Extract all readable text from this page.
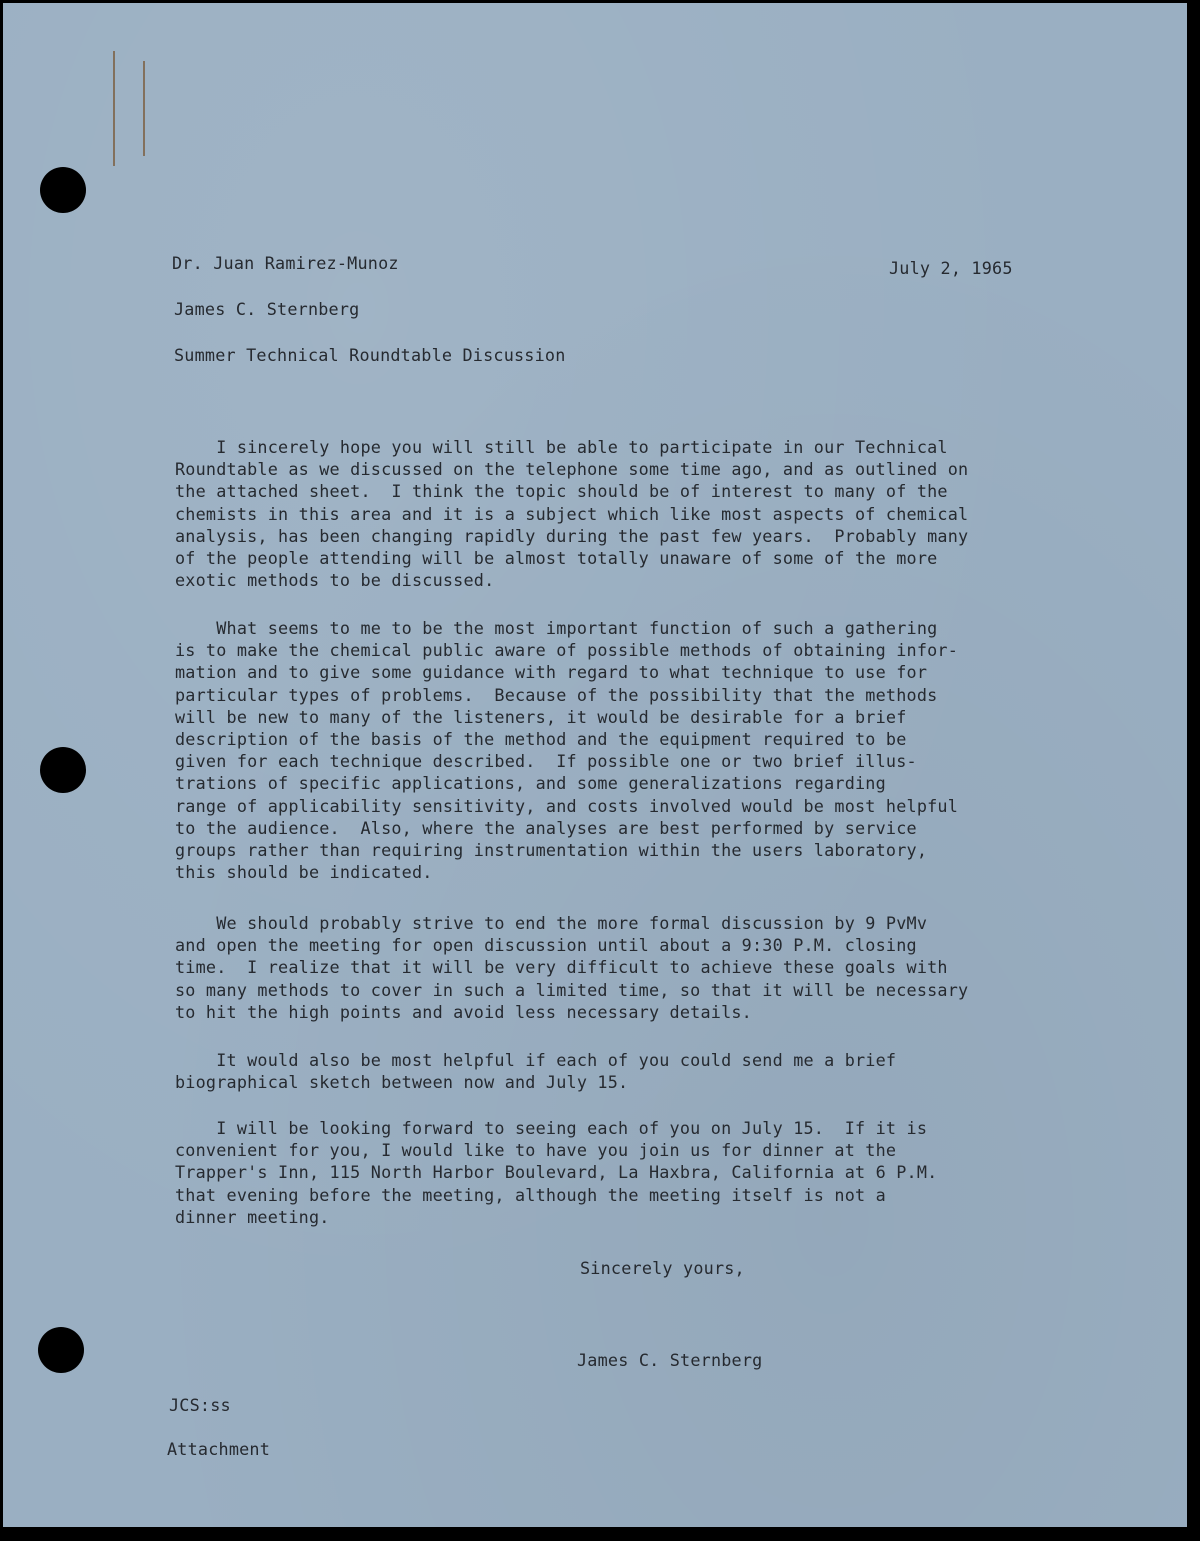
Dr. Juan Ramirez-Munoz	July 2, 1965
James C. Sternberg
Summer Technical Roundtable Discussion
I sincerely hope you will still be able to participate in our Technical
Roundtable as we discussed on the telephone some time ago, and as outlined on
the attached sheet.  I think the topic should be of interest to many of the
chemists in this area and it is a subject which like most aspects of chemical
analysis, has been changing rapidly during the past few years.  Probably many
of the people attending will be almost totally unaware of some of the more
exotic methods to be discussed.
What seems to me to be the most important function of such a gathering
is to make the chemical public aware of possible methods of obtaining infor-
mation and to give some guidance with regard to what technique to use for
particular types of problems.  Because of the possibility that the methods
will be new to many of the listeners, it would be desirable for a brief
description of the basis of the method and the equipment required to be
given for each technique described.  If possible one or two brief illus-
trations of specific applications, and some generalizations regarding
range of applicability sensitivity, and costs involved would be most helpful
to the audience.  Also, where the analyses are best performed by service
groups rather than requiring instrumentation within the users laboratory,
this should be indicated.
We should probably strive to end the more formal discussion by 9 PvMv
and open the meeting for open discussion until about a 9:30 P.M. closing
time.  I realize that it will be very difficult to achieve these goals with
so many methods to cover in such a limited time, so that it will be necessary
to hit the high points and avoid less necessary details.
It would also be most helpful if each of you could send me a brief
biographical sketch between now and July 15.
I will be looking forward to seeing each of you on July 15.  If it is
convenient for you, I would like to have you join us for dinner at the
Trapper's Inn, 115 North Harbor Boulevard, La Haxbra, California at 6 P.M.
that evening before the meeting, although the meeting itself is not a
dinner meeting.
Sincerely yours,
James C. Sternberg
JCS:ss
Attachment
